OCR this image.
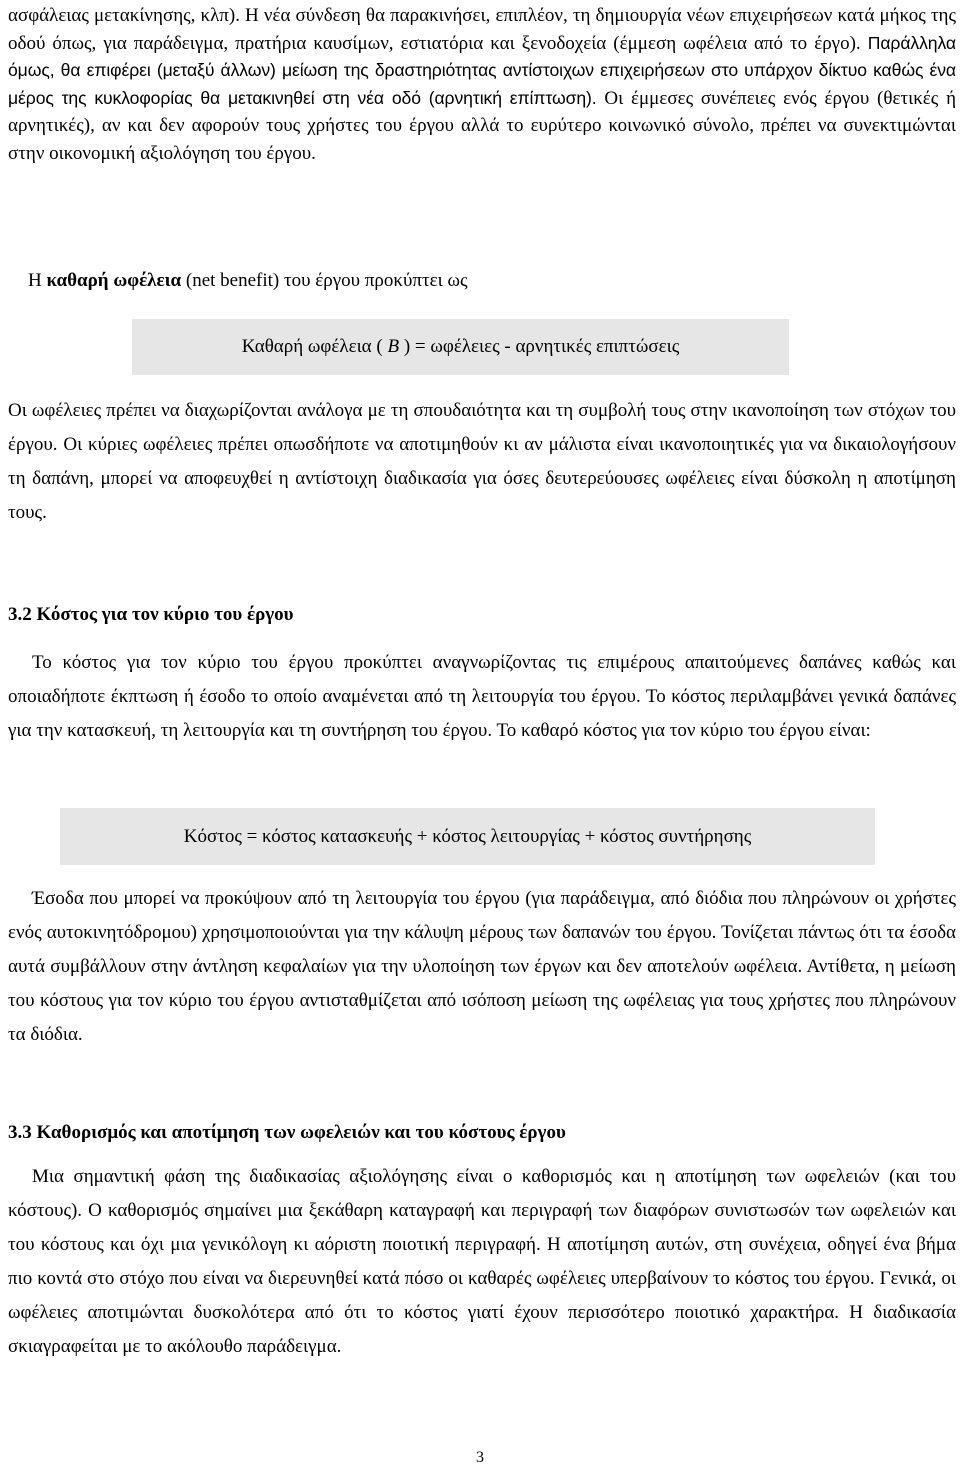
ασφάλειας μετακίνησης, κλπ). Η νέα σύνδεση θα παρακινήσει, επιπλέον, τη δημιουργία νέων επιχειρήσεων κατά μήκος της οδού όπως, για παράδειγμα, πρατήρια καυσίμων, εστιατόρια και ξενοδοχεία (έμμεση ωφέλεια από το έργο). Παράλληλα όμως, θα επιφέρει (μεταξύ άλλων) μείωση της δραστηριότητας αντίστοιχων επιχειρήσεων στο υπάρχον δίκτυο καθώς ένα μέρος της κυκλοφορίας θα μετακινηθεί στη νέα οδό (αρνητική επίπτωση). Οι έμμεσες συνέπειες ενός έργου (θετικές ή αρνητικές), αν και δεν αφορούν τους χρήστες του έργου αλλά το ευρύτερο κοινωνικό σύνολο, πρέπει να συνεκτιμώνται στην οικονομική αξιολόγηση του έργου.

Η καθαρή ωφέλεια (net benefit) του έργου προκύπτει ως

Καθαρή ωφέλεια ( B ) = ωφέλειες - αρνητικές επιπτώσεις

Οι ωφέλειες πρέπει να διαχωρίζονται ανάλογα με τη σπουδαιότητα και τη συμβολή τους στην ικανοποίηση των στόχων του έργου. Οι κύριες ωφέλειες πρέπει οπωσδήποτε να αποτιμηθούν κι αν μάλιστα είναι ικανοποιητικές για να δικαιολογήσουν τη δαπάνη, μπορεί να αποφευχθεί η αντίστοιχη διαδικασία για όσες δευτερεύουσες ωφέλειες είναι δύσκολη η αποτίμηση τους.

3.2 Κόστος για τον κύριο του έργου

Το κόστος για τον κύριο του έργου προκύπτει αναγνωρίζοντας τις επιμέρους απαιτούμενες δαπάνες καθώς και οποιαδήποτε έκπτωση ή έσοδο το οποίο αναμένεται από τη λειτουργία του έργου. Το κόστος περιλαμβάνει γενικά δαπάνες για την κατασκευή, τη λειτουργία και τη συντήρηση του έργου. Το καθαρό κόστος για τον κύριο του έργου είναι:

Κόστος = κόστος κατασκευής + κόστος λειτουργίας + κόστος συντήρησης

Έσοδα που μπορεί να προκύψουν από τη λειτουργία του έργου (για παράδειγμα, από διόδια που πληρώνουν οι χρήστες ενός αυτοκινητόδρομου) χρησιμοποιούνται για την κάλυψη μέρους των δαπανών του έργου. Τονίζεται πάντως ότι τα έσοδα αυτά συμβάλλουν στην άντληση κεφαλαίων για την υλοποίηση των έργων και δεν αποτελούν ωφέλεια. Αντίθετα, η μείωση του κόστους για τον κύριο του έργου αντισταθμίζεται από ισόποση μείωση της ωφέλειας για τους χρήστες που πληρώνουν τα διόδια.

3.3 Καθορισμός και αποτίμηση των ωφελειών και του κόστους έργου

Μια σημαντική φάση της διαδικασίας αξιολόγησης είναι ο καθορισμός και η αποτίμηση των ωφελειών (και του κόστους). Ο καθορισμός σημαίνει μια ξεκάθαρη καταγραφή και περιγραφή των διαφόρων συνιστωσών των ωφελειών και του κόστους και όχι μια γενικόλογη κι αόριστη ποιοτική περιγραφή. Η αποτίμηση αυτών, στη συνέχεια, οδηγεί ένα βήμα πιο κοντά στο στόχο που είναι να διερευνηθεί κατά πόσο οι καθαρές ωφέλειες υπερβαίνουν το κόστος του έργου. Γενικά, οι ωφέλειες αποτιμώνται δυσκολότερα από ότι το κόστος γιατί έχουν περισσότερο ποιοτικό χαρακτήρα. Η διαδικασία σκιαγραφείται με το ακόλουθο παράδειγμα.

3
